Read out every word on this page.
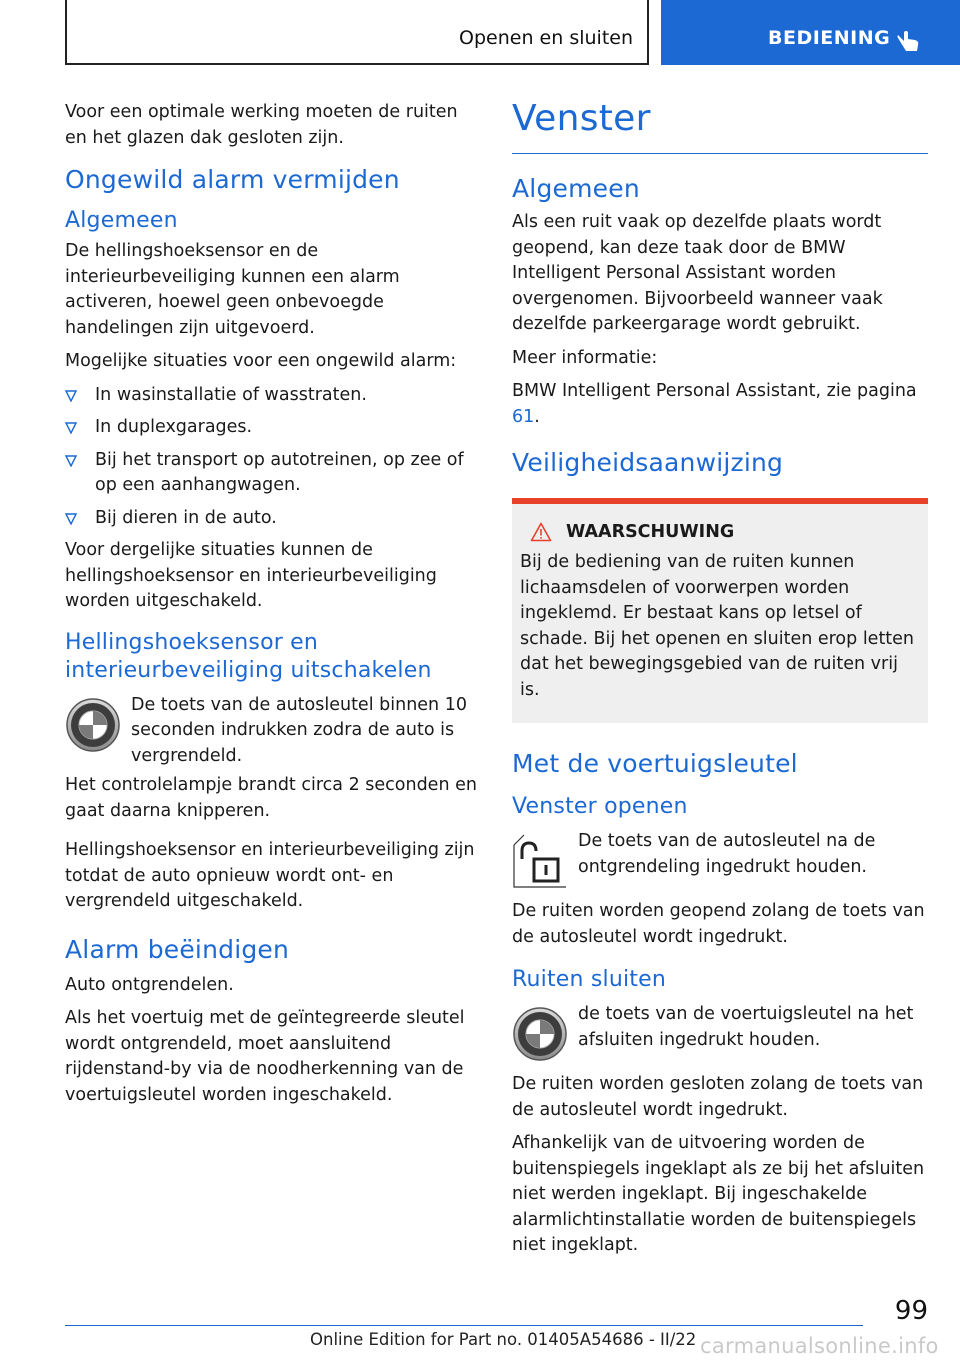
Openen en sluiten	BEDIENING

Voor een optimale werking moeten de ruiten en het glazen dak gesloten zijn.

Ongewild alarm vermijden
Algemeen

De hellingshoeksensor en de interieurbeveiliging kunnen een alarm activeren, hoewel geen onbevoegde handelingen zijn uitgevoerd.

Mogelijke situaties voor een ongewild alarm:

In wasinstallatie of wasstraten.
In duplexgarages.
Bij het transport op autotreinen, op zee of op een aanhangwagen.
Bij dieren in de auto.

Voor dergelijke situaties kunnen de hellingshoeksensor en interieurbeveiliging worden uitgeschakeld.

Hellingshoeksensor en interieurbeveiliging uitschakelen
De toets van de autosleutel binnen 10 seconden indrukken zodra de auto is vergrendeld.

Het controlelampje brandt circa 2 seconden en gaat daarna knipperen.

Hellingshoeksensor en interieurbeveiliging zijn totdat de auto opnieuw wordt ont- en vergrendeld uitgeschakeld.

Alarm beëindigen

Auto ontgrendelen.

Als het voertuig met de geïntegreerde sleutel wordt ontgrendeld, moet aansluitend rijdenstand-by via de noodherkenning van de voertuigsleutel worden ingeschakeld.

Venster
Algemeen

Als een ruit vaak op dezelfde plaats wordt geopend, kan deze taak door de BMW Intelligent Personal Assistant worden overgenomen. Bijvoorbeeld wanneer vaak dezelfde parkeergarage wordt gebruikt.

Meer informatie:

BMW Intelligent Personal Assistant, zie pagina 61.

Veiligheidsaanwijzing
WAARSCHUWING
Bij de bediening van de ruiten kunnen lichaamsdelen of voorwerpen worden ingeklemd. Er bestaat kans op letsel of schade. Bij het openen en sluiten erop letten dat het bewegingsgebied van de ruiten vrij is.
Met de voertuigsleutel
Venster openen
De toets van de autosleutel na de ontgrendeling ingedrukt houden.

De ruiten worden geopend zolang de toets van de autosleutel wordt ingedrukt.

Ruiten sluiten
de toets van de voertuigsleutel na het afsluiten ingedrukt houden.

De ruiten worden gesloten zolang de toets van de autosleutel wordt ingedrukt.

Afhankelijk van de uitvoering worden de buitenspiegels ingeklapt als ze bij het afsluiten niet werden ingeklapt. Bij ingeschakelde alarmlichtinstallatie worden de buitenspiegels niet ingeklapt.

99
Online Edition for Part no. 01405A54686 - II/22 carmanualsonline.info
